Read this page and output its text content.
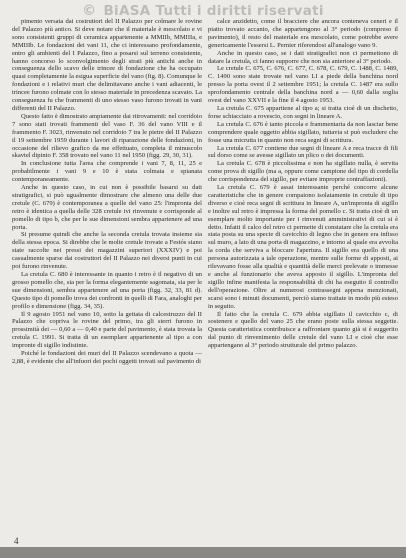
© BiASA Tutti i diritti riservati

pimento versata dai costruttori del II Palazzo per colmare le rovine del Palazzo più antico. Si deve notare che il materiale è mescolato e vi sono consistenti gruppi di ceramica appartenente a MMIIb, MMIIIa, e MMIIIb. Le fondazioni dei vani 11, che ci interessano profondamente, entro gli ambienti del I Palazzo, fino a posarsi sul terreno consistente, hanno concorso lo sconvolgimento degli strati più antichi anche in conseguenza dello scavo delle trincee di fondazione che ha occupato quasi completamente la esigua superficie del vano (fig. 8). Comunque le fondazioni e i relativi muri che delimitavano anche i vani adiacenti, le trincee furono colmate con lo stesso materiale in precedenza scavato. La conseguenza fu che frammenti di uno stesso vaso furono trovati in vani differenti del II Palazzo.

Questo fatto è dimostrato ampiamente dai ritrovamenti: nel corridoio 7 sono stati trovati frammenti del vaso F. 36 del vano VIII e il frammento F. 3023, rinvenuto nel corridoio 7 tra le pietre del II Palazzo il 19 settembre 1959 durante i lavori di riparazione delle fondazioni, in occasione del rilievo grafico da me effettuato, completa il minuscolo skavtel dipinto F. 358 trovato nel vano 11 nel 1950 (figg. 29, 30, 31).

In conclusione tutta l'area che comprende i vani 7, 8, 11, 25 e probabilmente i vani 9 e 10 è stata colmata e spianata contemporaneamente.

Anche in questo caso, in cui non è possibile basarsi su dati stratigrafici, si può ugualmente dimostrare che almeno una delle due cretule (C. 679) è contemporanea a quelle del vano 25: l'impronta del retro è identica a quella delle 328 cretule ivi rinvenute e corrisponde al pomello di tipo b, che per le sue dimensioni sembra appartenere ad una porta.

Si presume quindi che anche la seconda cretula trovata insieme sia della stessa epoca. Si direbbe che le molte cretule trovate a Festós siano state raccolte nei pressi dei magazzini superiori (XXXIV) e poi casualmente sparse dai costruttori del II Palazzo nei diversi punti in cui poi furono rinvenute.

La cretula C. 680 è interessante in quanto i retro è il negativo di un grosso pomello che, sia per la forma elegantemente sagomata, sia per le sue dimensioni, sembra appartenere ad una porta (figg. 32, 33, 81 d). Questo tipo di pomello trova dei confronti in quelli di Fara, analoghi per profilo e dimensione (figg. 34, 35).

Il 9 agosto 1951 nel vano 10, sotto la gettata di calcestruzzo del II Palazzo che copriva le rovine del primo, tra gli sterri furono in prossimità dei — 0,60 a — 0,40 e parte del pavimento, è stata trovata la cretula C. 1991. Si tratta di un esemplare appartenente al tipo a con impronte di sigillo indistinte.

Poiché le fondazioni dei muri del II Palazzo scendevano a quota — 2,88, è evidente che all'infuori dei pochi oggetti trovati sul pavimento di

calce anzidetto, come il bracciere che ancora conteneva ceneri e il piatto trovato accanto, che appartengono al 3° periodo (compreso il pavimento), il resto del materiale era mescolato, come potrebbe avere genericamente l'essersi L. Pernier riferendosi all'analogo vano 9.

Anche in questo caso, se i dati stratigrafici non ci permettono di datare la cretula, ci fanno supporre che non sia anteriore al 3° periodo.

Le cretule C. 675, C. 676, C. 677, C. 678, C. 679, C. 1488, C. 1489, C. 1490 sono state trovate nel vano LI a piede della banchina nord presso la porta ovest il 2 settembre 1951; la cretula C. 1487 era sullo sprofondamento centrale della banchina nord a — 0,60 dalla soglia ovest del vano XXVII e la fine il 4 agosto 1953.

La cretula C. 675 appartiene al tipo a; si tratta cioè di un dischetto, forse schiacciato a rovescio, con segni in lineare A.

La cretula C. 676 è tanto piccola e frammentaria da non lasciar bene comprendere quale oggetto abbia sigillato, tuttavia si può escludere che fosse una micrutta in quanto non reca segni di scrittura.

La cretula C. 677 contiene due segni di lineare A e reca tracce di fili sul dorso come se avesse sigillato un plico o dei documenti.

La cretula C. 678 è piccolissima e non ha sigillato nulla, è servita come prova di sigillo (ma a, oppure come campione del tipo di cordella che corrispondenza del sigillo, per evitare improprie contraffazioni).

La cretula C. 679 è assai interessante perché concorre alcune caratteristiche che in genere compaiono isolatamente in cretule di tipo diverso e cioè reca segni di scrittura in lineare A, un'impronta di sigillo e inoltre sul retro è impressa la forma del pomello c. Si tratta cioè di un esemplare molto importante per i rinvenuti amministrativi di cui si è detto. Infatti il calco del retro ci permette di constatare che la cretula era stata posta su una specie di cavicchio di legno che in genere era infisso sul muro, a lato di una porta di magazzino, e intorno al quale era avvolta la corda che serviva a bloccare l'apertura. Il sigillo era quello di una persona autorizzata a tale operazione, mentre sulle forme di apposti, ai rilevavano fosse alla qualità e quantità delle merci prelevate o immesse e anche al funzionario che aveva apposto il sigillo. L'impronta del sigillo infine manifesta la responsabilità di chi ha eseguito il controllo dell'operazione. Oltre ai numerosi contrassegni appena menzionati, scarsi sono i minuti documenti, perciò siamo trattate in modo più esteso in seguito.

Il fatto che la cretula C. 679 abbia sigillato il cavicchio c, di sostenere e quello del vano 25 che erano poste sulla stessa seggette. Questa caratteristica contribuisce a raffrontare quanto già si è suggerito dal punto di rinvenimento delle cretule del vano LI e cioè che esse appartengano al 3° periodo strutturale del primo palazzo.

4
